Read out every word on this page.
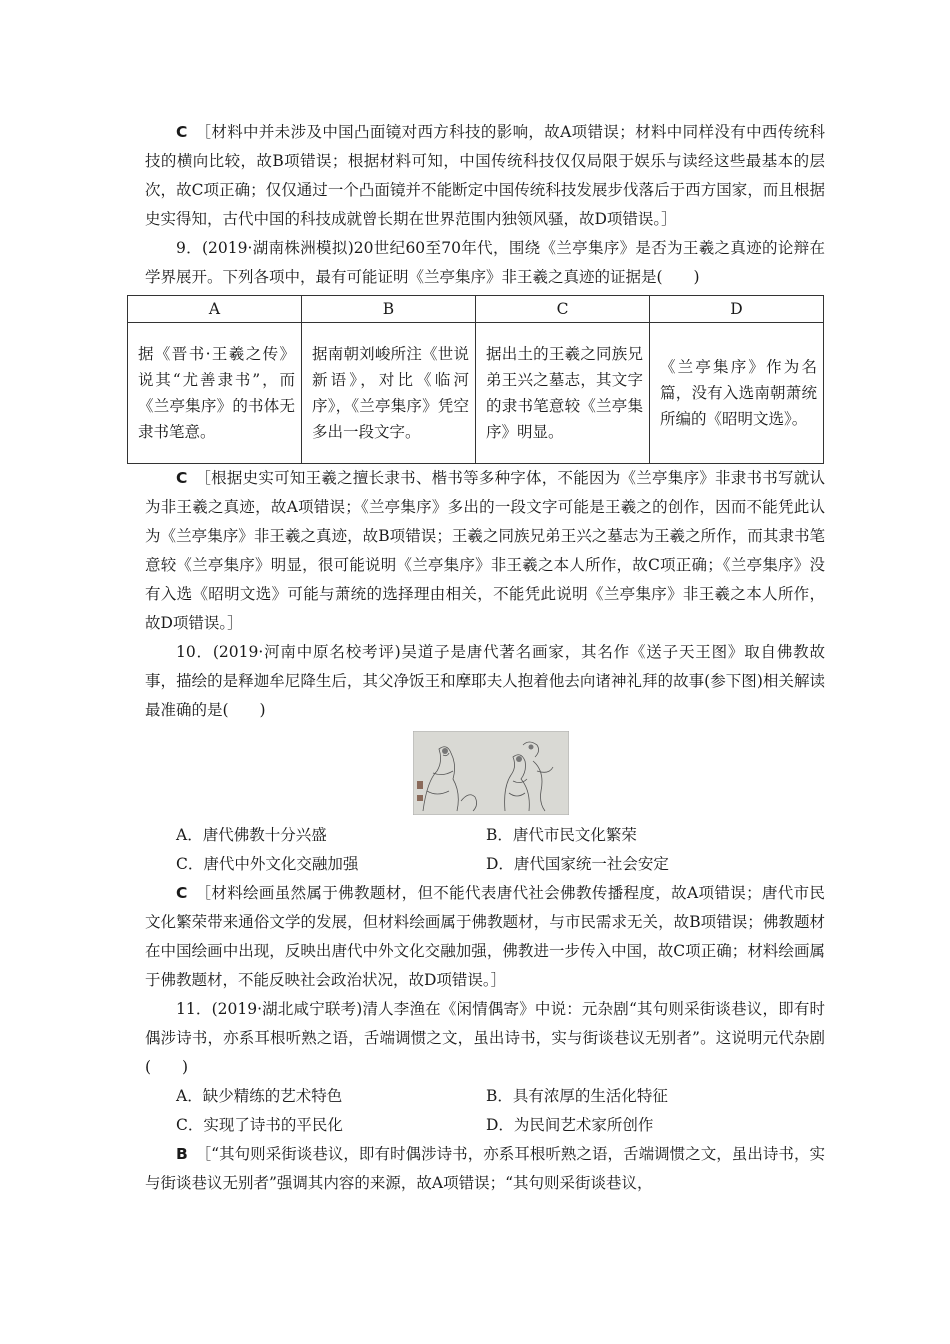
C  ［材料中并未涉及中国凸面镜对西方科技的影响，故A项错误；材料中同样没有中西传统科技的横向比较，故B项错误；根据材料可知，中国传统科技仅仅局限于娱乐与读经这些最基本的层次，故C项正确；仅仅通过一个凸面镜并不能断定中国传统科技发展步伐落后于西方国家，而且根据史实得知，古代中国的科技成就曾长期在世界范围内独领风骚，故D项错误。］

9．(2019·湖南株洲模拟)20世纪60至70年代，围绕《兰亭集序》是否为王羲之真迹的论辩在学界展开。下列各项中，最有可能证明《兰亭集序》非王羲之真迹的证据是(　　)

A	B	C	D
据《晋书·王羲之传》说其“尤善隶书”，而《兰亭集序》的书体无隶书笔意。	据南朝刘峻所注《世说新语》，对比《临河序》，《兰亭集序》凭空多出一段文字。	据出土的王羲之同族兄弟王兴之墓志，其文字的隶书笔意较《兰亭集序》明显。	《兰亭集序》作为名篇，没有入选南朝萧统所编的《昭明文选》。

C  ［根据史实可知王羲之擅长隶书、楷书等多种字体，不能因为《兰亭集序》非隶书书写就认为非王羲之真迹，故A项错误；《兰亭集序》多出的一段文字可能是王羲之的创作，因而不能凭此认为《兰亭集序》非王羲之真迹，故B项错误；王羲之同族兄弟王兴之墓志为王羲之所作，而其隶书笔意较《兰亭集序》明显，很可能说明《兰亭集序》非王羲之本人所作，故C项正确；《兰亭集序》没有入选《昭明文选》可能与萧统的选择理由相关，不能凭此说明《兰亭集序》非王羲之本人所作，故D项错误。］

10．(2019·河南中原名校考评)吴道子是唐代著名画家，其名作《送子天王图》取自佛教故事，描绘的是释迦牟尼降生后，其父净饭王和摩耶夫人抱着他去向诸神礼拜的故事(参下图)相关解读最准确的是(　　)

A．唐代佛教十分兴盛	B．唐代市民文化繁荣
C．唐代中外文化交融加强	D．唐代国家统一社会安定

C  ［材料绘画虽然属于佛教题材，但不能代表唐代社会佛教传播程度，故A项错误；唐代市民文化繁荣带来通俗文学的发展，但材料绘画属于佛教题材，与市民需求无关，故B项错误；佛教题材在中国绘画中出现，反映出唐代中外文化交融加强，佛教进一步传入中国，故C项正确；材料绘画属于佛教题材，不能反映社会政治状况，故D项错误。］

11．(2019·湖北咸宁联考)清人李渔在《闲情偶寄》中说：元杂剧“其句则采街谈巷议，即有时偶涉诗书，亦系耳根听熟之语，舌端调惯之文，虽出诗书，实与街谈巷议无别者”。这说明元代杂剧(　　)

A．缺少精练的艺术特色	B．具有浓厚的生活化特征
C．实现了诗书的平民化	D．为民间艺术家所创作

B  ［“其句则采街谈巷议，即有时偶涉诗书，亦系耳根听熟之语，舌端调惯之文，虽出诗书，实与街谈巷议无别者”强调其内容的来源，故A项错误；“其句则采街谈巷议，
